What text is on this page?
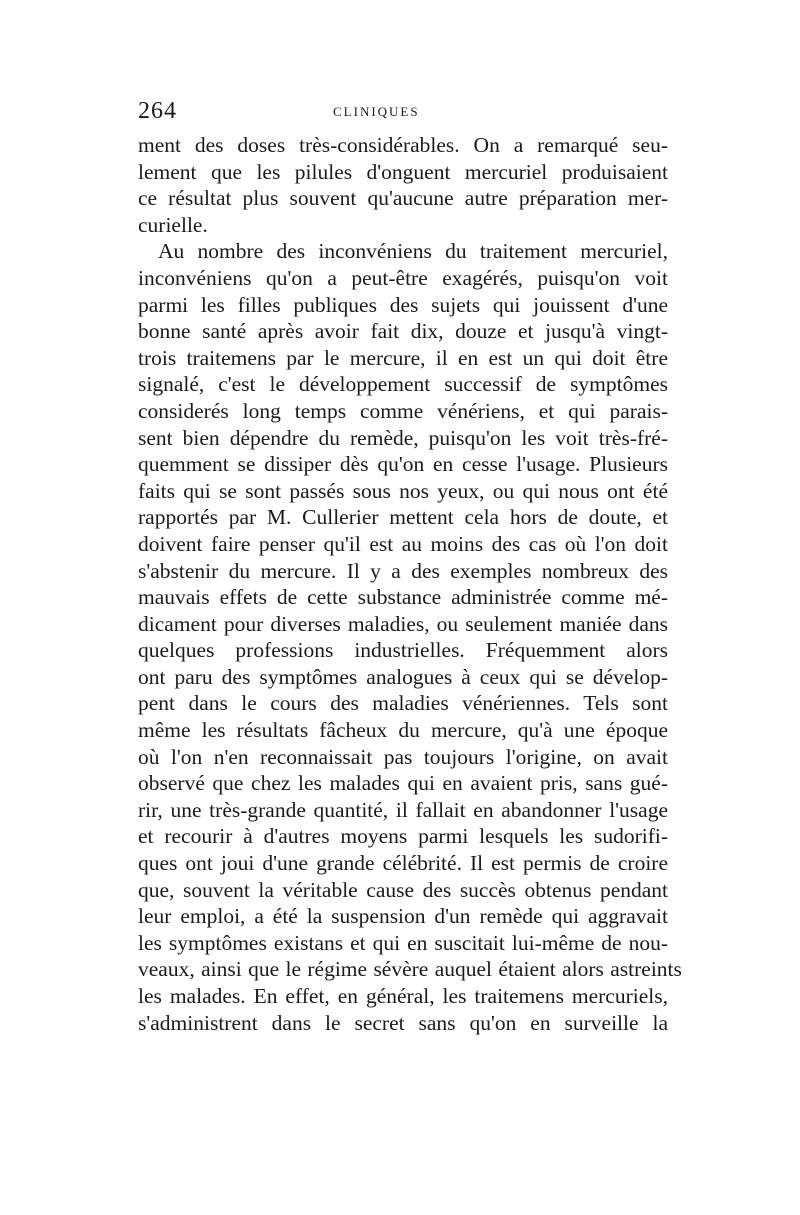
264	CLINIQUES
ment des doses très-considérables. On a remarqué seu-
lement que les pilules d'onguent mercuriel produisaient
ce résultat plus souvent qu'aucune autre préparation mer-
curielle.
Au nombre des inconvéniens du traitement mercuriel,
inconvéniens qu'on a peut-être exagérés, puisqu'on voit
parmi les filles publiques des sujets qui jouissent d'une
bonne santé après avoir fait dix, douze et jusqu'à vingt-
trois traitemens par le mercure, il en est un qui doit être
signalé, c'est le développement successif de symptômes
considerés long temps comme vénériens, et qui parais-
sent bien dépendre du remède, puisqu'on les voit très-fré-
quemment se dissiper dès qu'on en cesse l'usage. Plusieurs
faits qui se sont passés sous nos yeux, ou qui nous ont été
rapportés par M. Cullerier mettent cela hors de doute, et
doivent faire penser qu'il est au moins des cas où l'on doit
s'abstenir du mercure. Il y a des exemples nombreux des
mauvais effets de cette substance administrée comme mé-
dicament pour diverses maladies, ou seulement maniée dans
quelques professions industrielles. Fréquemment alors
ont paru des symptômes analogues à ceux qui se dévelop-
pent dans le cours des maladies vénériennes. Tels sont
même les résultats fâcheux du mercure, qu'à une époque
où l'on n'en reconnaissait pas toujours l'origine, on avait
observé que chez les malades qui en avaient pris, sans gué-
rir, une très-grande quantité, il fallait en abandonner l'usage
et recourir à d'autres moyens parmi lesquels les sudorifi-
ques ont joui d'une grande célébrité. Il est permis de croire
que, souvent la véritable cause des succès obtenus pendant
leur emploi, a été la suspension d'un remède qui aggravait
les symptômes existans et qui en suscitait lui-même de nou-
veaux, ainsi que le régime sévère auquel étaient alors astreints
les malades. En effet, en général, les traitemens mercuriels,
s'administrent dans le secret sans qu'on en surveille la
